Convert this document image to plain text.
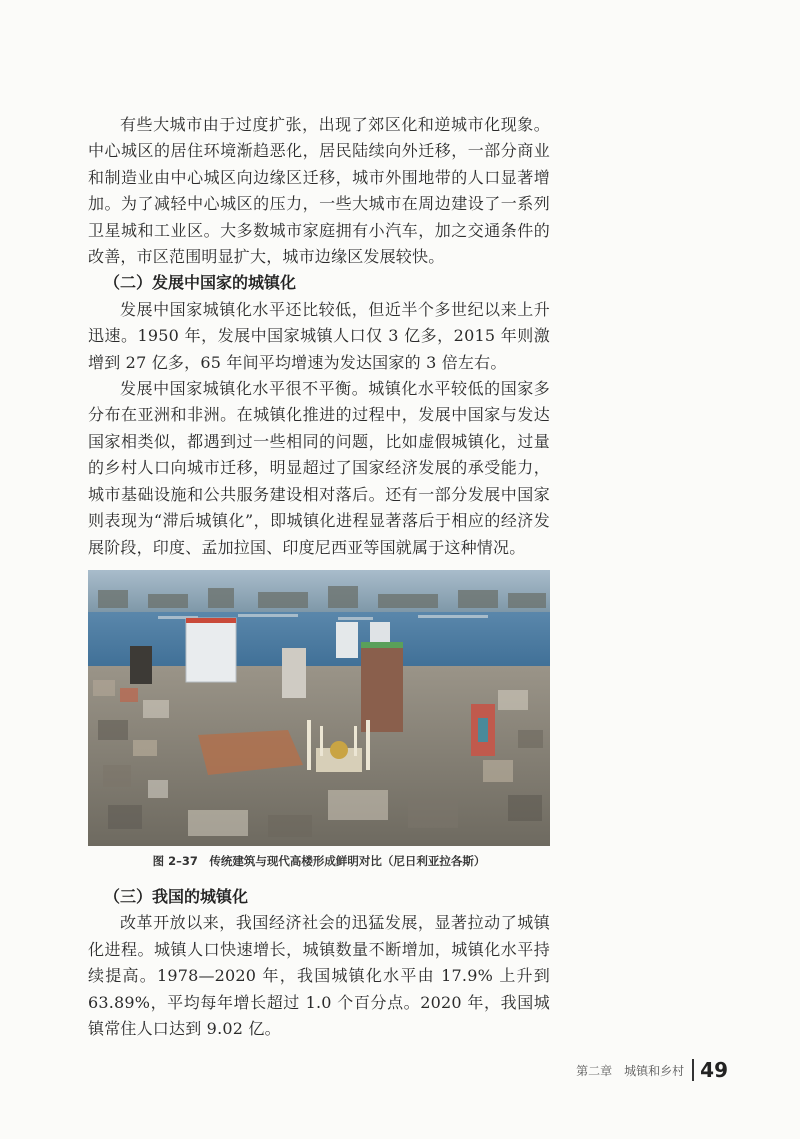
有些大城市由于过度扩张，出现了郊区化和逆城市化现象。中心城区的居住环境渐趋恶化，居民陆续向外迁移，一部分商业和制造业由中心城区向边缘区迁移，城市外围地带的人口显著增加。为了减轻中心城区的压力，一些大城市在周边建设了一系列卫星城和工业区。大多数城市家庭拥有小汽车，加之交通条件的改善，市区范围明显扩大，城市边缘区发展较快。

（二）发展中国家的城镇化

发展中国家城镇化水平还比较低，但近半个多世纪以来上升迅速。1950 年，发展中国家城镇人口仅 3 亿多，2015 年则激增到 27 亿多，65 年间平均增速为发达国家的 3 倍左右。

发展中国家城镇化水平很不平衡。城镇化水平较低的国家多分布在亚洲和非洲。在城镇化推进的过程中，发展中国家与发达国家相类似，都遇到过一些相同的问题，比如虚假城镇化，过量的乡村人口向城市迁移，明显超过了国家经济发展的承受能力，城市基础设施和公共服务建设相对落后。还有一部分发展中国家则表现为“滞后城镇化”，即城镇化进程显著落后于相应的经济发展阶段，印度、孟加拉国、印度尼西亚等国就属于这种情况。

图 2–37　传统建筑与现代高楼形成鲜明对比（尼日利亚拉各斯）
（三）我国的城镇化

改革开放以来，我国经济社会的迅猛发展，显著拉动了城镇化进程。城镇人口快速增长，城镇数量不断增加，城镇化水平持续提高。1978—2020 年，我国城镇化水平由 17.9% 上升到 63.89%，平均每年增长超过 1.0 个百分点。2020 年，我国城镇常住人口达到 9.02 亿。

第二章　城镇和乡村 49
